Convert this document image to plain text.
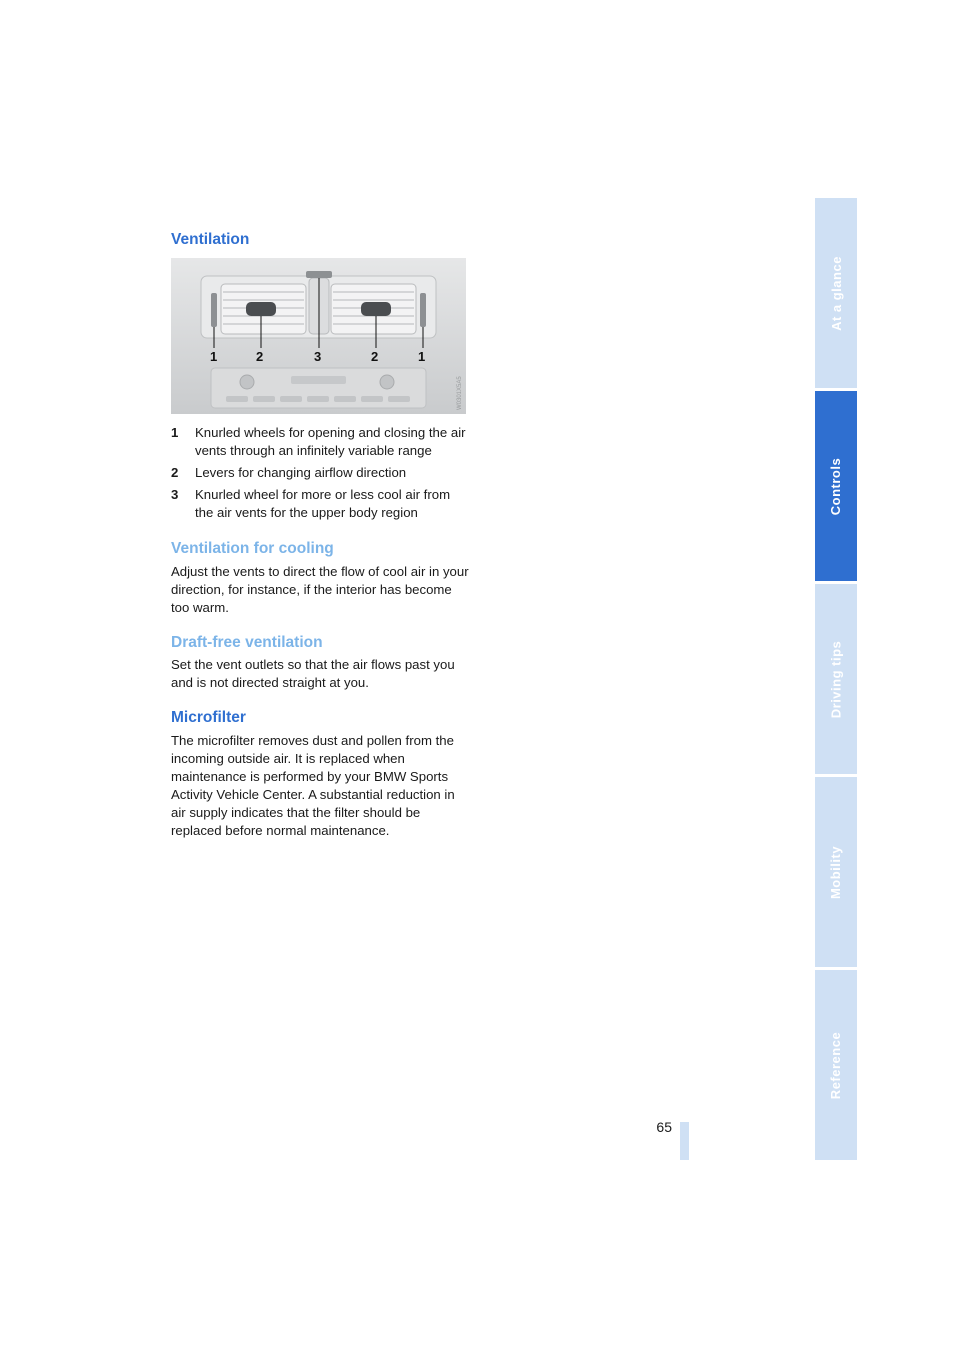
Ventilation
1	2	3	2	1
W0301X5A5
1 Knurled wheels for opening and closing the air vents through an infinitely variable range
2 Levers for changing airflow direction
3 Knurled wheel for more or less cool air from the air vents for the upper body region
Ventilation for cooling

Adjust the vents to direct the flow of cool air in your direction, for instance, if the interior has become too warm.

Draft-free ventilation

Set the vent outlets so that the air flows past you and is not directed straight at you.

Microfilter

The microfilter removes dust and pollen from the incoming outside air. It is replaced when maintenance is performed by your BMW Sports Activity Vehicle Center. A substantial reduction in air supply indicates that the filter should be replaced before normal maintenance.

At a glance
Controls
Driving tips
Mobility
Reference
65
